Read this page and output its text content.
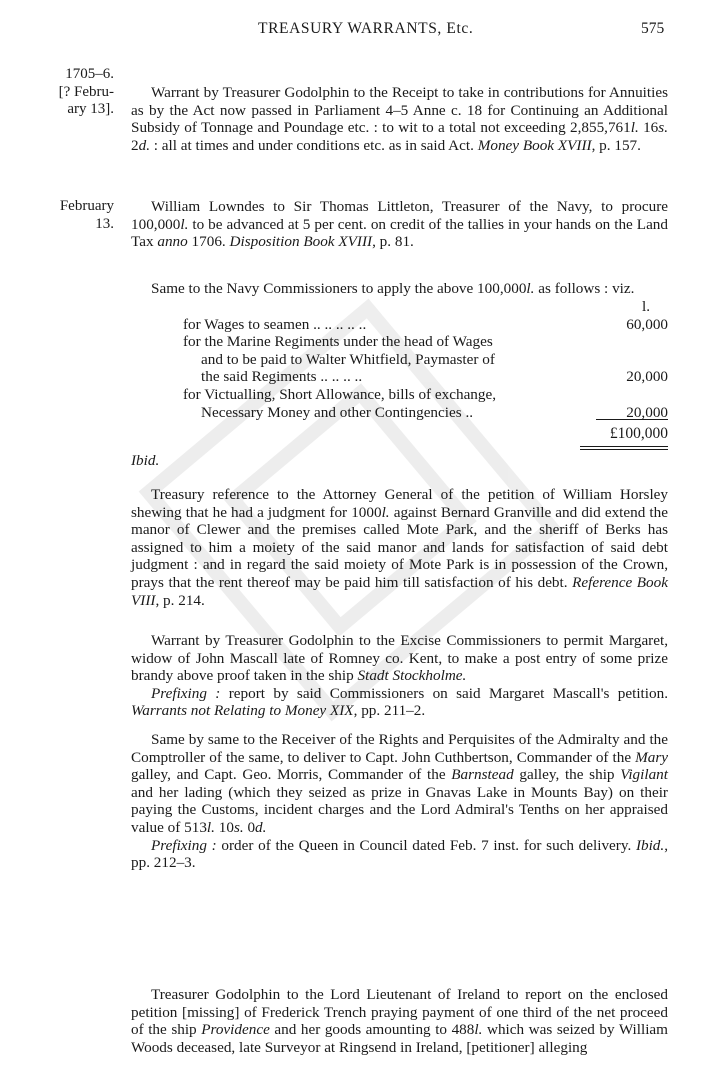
TREASURY WARRANTS, Etc.	575
1705–6.
[? Febru-
ary 13].

Warrant by Treasurer Godolphin to the Receipt to take in contributions for Annuities as by the Act now passed in Parliament 4–5 Anne c. 18 for Continuing an Additional Subsidy of Tonnage and Poundage etc. : to wit to a total not exceeding 2,855,761l. 16s. 2d. : all at times and under conditions etc. as in said Act. Money Book XVIII, p. 157.

February
13.

William Lowndes to Sir Thomas Littleton, Treasurer of the Navy, to procure 100,000l. to be advanced at 5 per cent. on credit of the tallies in your hands on the Land Tax anno 1706. Disposition Book XVIII, p. 81.

Same to the Navy Commissioners to apply the above 100,000l. as follows : viz.

l.
for Wages to seamen .. .. .. .. ..	60,000
for the Marine Regiments under the head of Wages
and to be paid to Walter Whitfield, Paymaster of
the said Regiments .. .. .. ..	20,000
for Victualling, Short Allowance, bills of exchange,
Necessary Money and other Contingencies ..	20,000
£100,000

Ibid.

Treasury reference to the Attorney General of the petition of William Horsley shewing that he had a judgment for 1000l. against Bernard Granville and did extend the manor of Clewer and the premises called Mote Park, and the sheriff of Berks has assigned to him a moiety of the said manor and lands for satisfaction of said debt judgment : and in regard the said moiety of Mote Park is in possession of the Crown, prays that the rent thereof may be paid him till satisfaction of his debt. Reference Book VIII, p. 214.

Warrant by Treasurer Godolphin to the Excise Commissioners to permit Margaret, widow of John Mascall late of Romney co. Kent, to make a post entry of some prize brandy above proof taken in the ship Stadt Stockholme.

Prefixing : report by said Commissioners on said Margaret Mascall's petition. Warrants not Relating to Money XIX, pp. 211–2.

Same by same to the Receiver of the Rights and Perquisites of the Admiralty and the Comptroller of the same, to deliver to Capt. John Cuthbertson, Commander of the Mary galley, and Capt. Geo. Morris, Commander of the Barnstead galley, the ship Vigilant and her lading (which they seized as prize in Gnavas Lake in Mounts Bay) on their paying the Customs, incident charges and the Lord Admiral's Tenths on her appraised value of 513l. 10s. 0d.

Prefixing : order of the Queen in Council dated Feb. 7 inst. for such delivery. Ibid., pp. 212–3.

Treasurer Godolphin to the Lord Lieutenant of Ireland to report on the enclosed petition [missing] of Frederick Trench praying payment of one third of the net proceed of the ship Providence and her goods amounting to 488l. which was seized by William Woods deceased, late Surveyor at Ringsend in Ireland, [petitioner] alleging
